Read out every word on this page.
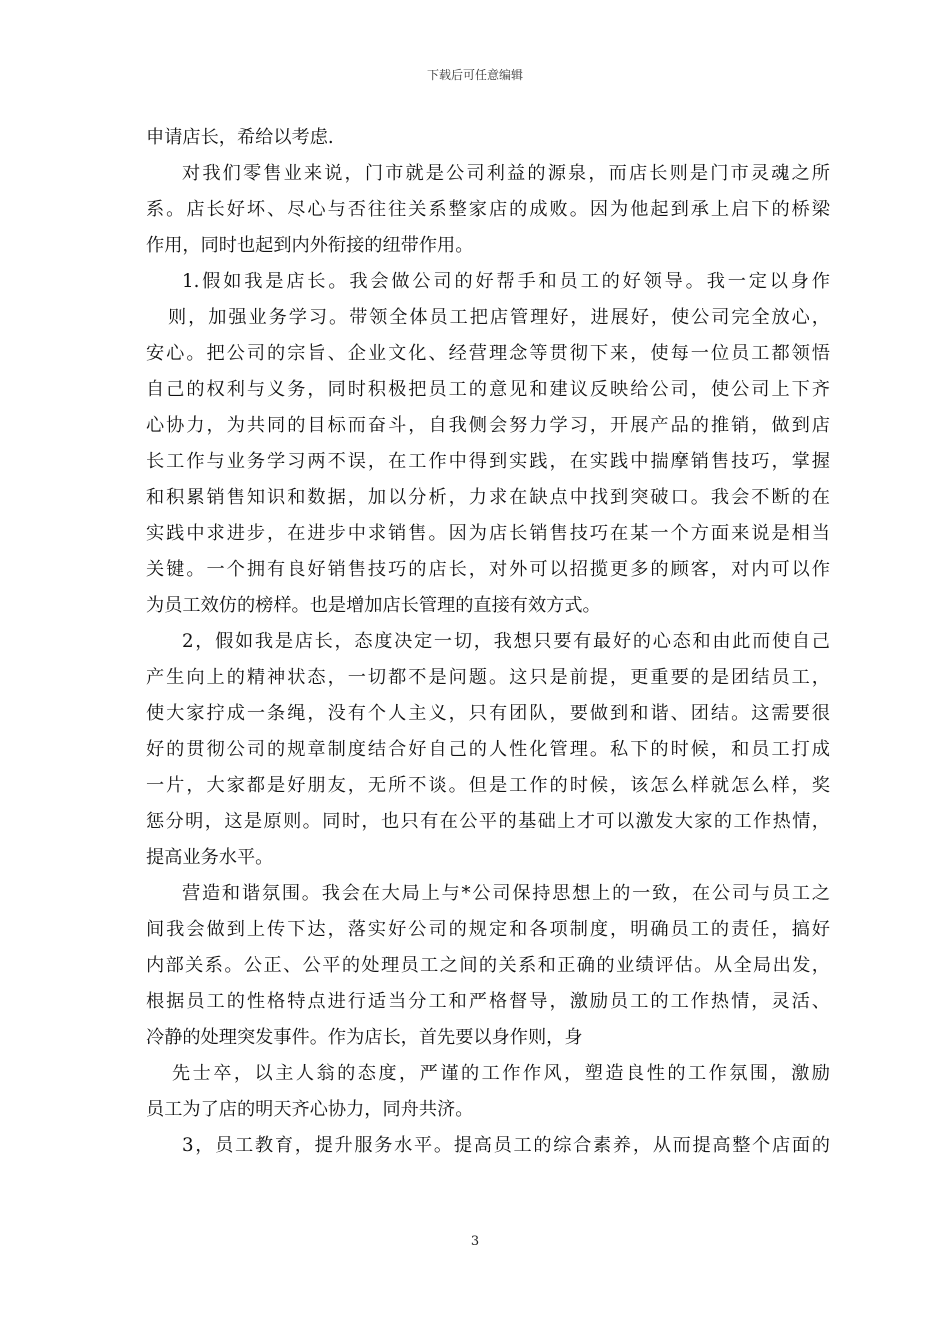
下载后可任意编辑
申请店长，希给以考虑.
对我们零售业来说，门市就是公司利益的源泉，而店长则是门市灵魂之所
系。店长好坏、尽心与否往往关系整家店的成败。因为他起到承上启下的桥梁
作用，同时也起到内外衔接的纽带作用。
1.假如我是店长。我会做公司的好帮手和员工的好领导。我一定以身作
则，加强业务学习。带领全体员工把店管理好，进展好，使公司完全放心，
安心。把公司的宗旨、企业文化、经营理念等贯彻下来，使每一位员工都领悟
自己的权利与义务，同时积极把员工的意见和建议反映给公司，使公司上下齐
心协力，为共同的目标而奋斗，自我侧会努力学习，开展产品的推销，做到店
长工作与业务学习两不误，在工作中得到实践，在实践中揣摩销售技巧，掌握
和积累销售知识和数据，加以分析，力求在缺点中找到突破口。我会不断的在
实践中求进步，在进步中求销售。因为店长销售技巧在某一个方面来说是相当
关键。一个拥有良好销售技巧的店长，对外可以招揽更多的顾客，对内可以作
为员工效仿的榜样。也是增加店长管理的直接有效方式。
2，假如我是店长，态度决定一切，我想只要有最好的心态和由此而使自己
产生向上的精神状态，一切都不是问题。这只是前提，更重要的是团结员工，
使大家拧成一条绳，没有个人主义，只有团队，要做到和谐、团结。这需要很
好的贯彻公司的规章制度结合好自己的人性化管理。私下的时候，和员工打成
一片，大家都是好朋友，无所不谈。但是工作的时候，该怎么样就怎么样，奖
惩分明，这是原则。同时，也只有在公平的基础上才可以激发大家的工作热情，
提高业务水平。
营造和谐氛围。我会在大局上与*公司保持思想上的一致，在公司与员工之
间我会做到上传下达，落实好公司的规定和各项制度，明确员工的责任，搞好
内部关系。公正、公平的处理员工之间的关系和正确的业绩评估。从全局出发，
根据员工的性格特点进行适当分工和严格督导，激励员工的工作热情，灵活、
冷静的处理突发事件。作为店长，首先要以身作则，身
先士卒，以主人翁的态度，严谨的工作作风，塑造良性的工作氛围，激励
员工为了店的明天齐心协力，同舟共济。
3，员工教育，提升服务水平。提高员工的综合素养，从而提高整个店面的
3
